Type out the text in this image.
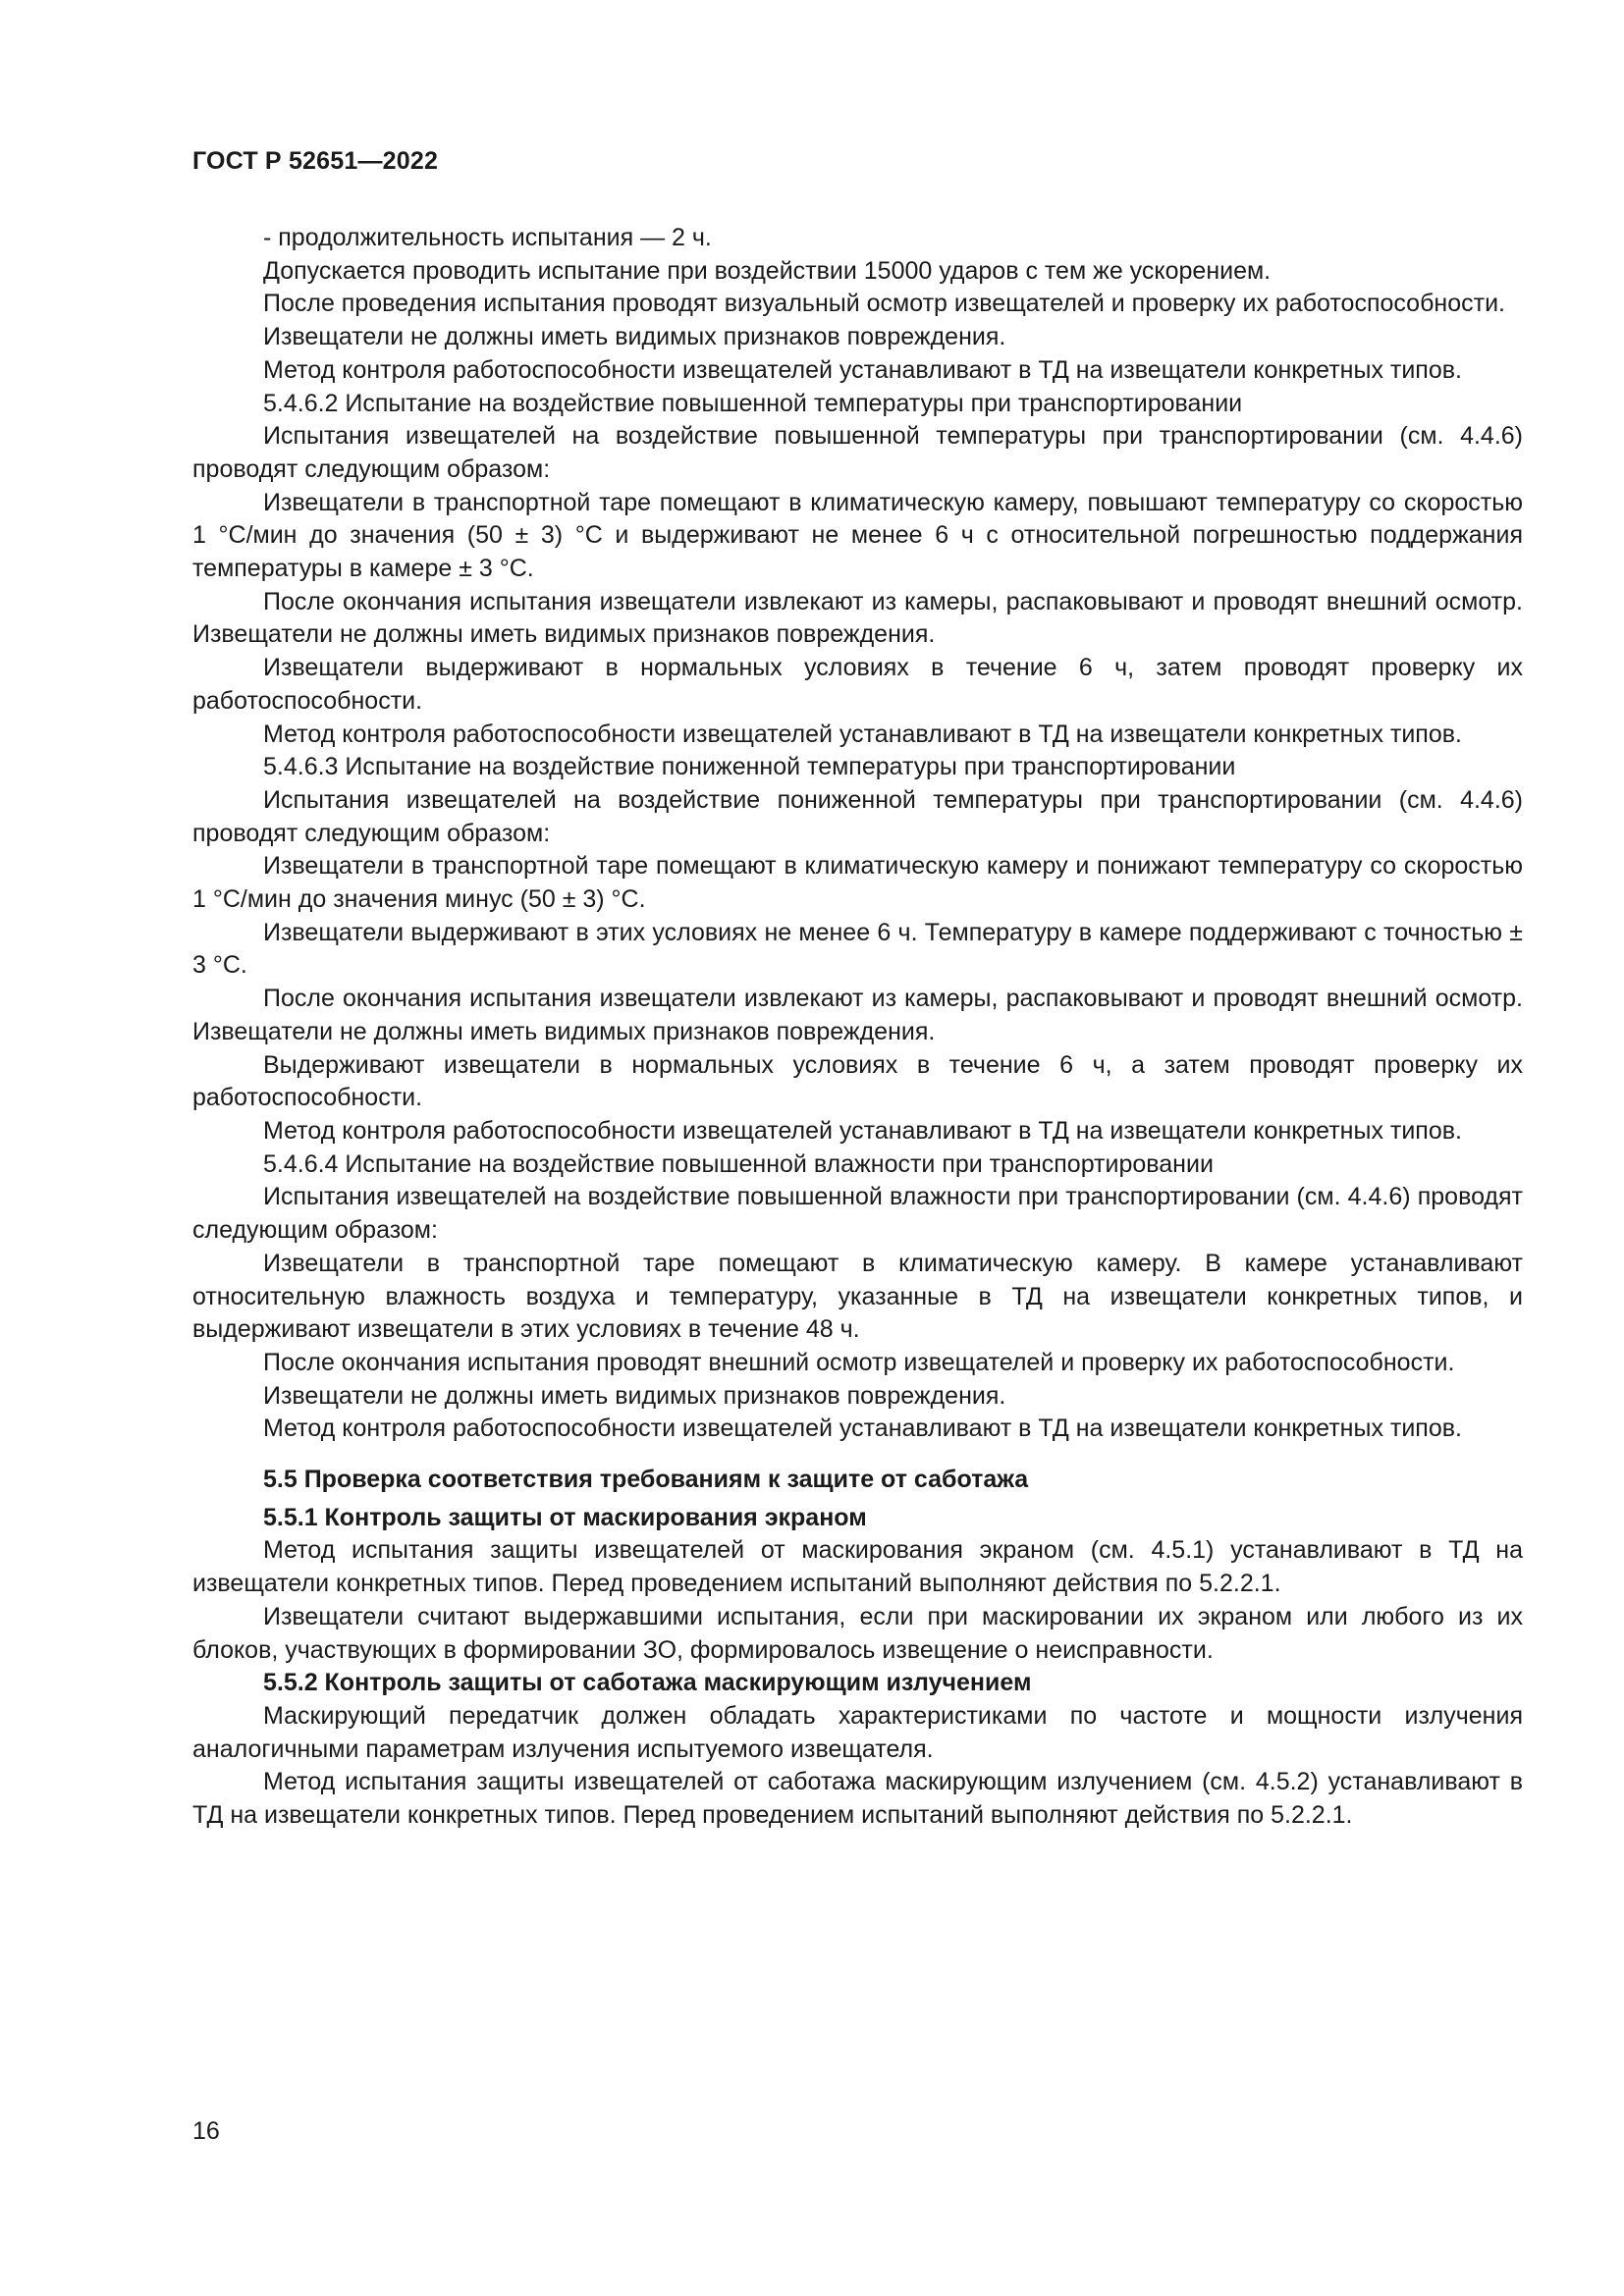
ГОСТ Р 52651—2022

- продолжительность испытания — 2 ч.

Допускается проводить испытание при воздействии 15000 ударов с тем же ускорением.

После проведения испытания проводят визуальный осмотр извещателей и проверку их работоспособности.

Извещатели не должны иметь видимых признаков повреждения.

Метод контроля работоспособности извещателей устанавливают в ТД на извещатели конкретных типов.

5.4.6.2 Испытание на воздействие повышенной температуры при транспортировании

Испытания извещателей на воздействие повышенной температуры при транспортировании (см. 4.4.6) проводят следующим образом:

Извещатели в транспортной таре помещают в климатическую камеру, повышают температуру со скоростью 1 °С/мин до значения (50 ± 3) °С и выдерживают не менее 6 ч с относительной погрешностью поддержания температуры в камере ± 3 °С.

После окончания испытания извещатели извлекают из камеры, распаковывают и проводят внешний осмотр. Извещатели не должны иметь видимых признаков повреждения.

Извещатели выдерживают в нормальных условиях в течение 6 ч, затем проводят проверку их работоспособности.

Метод контроля работоспособности извещателей устанавливают в ТД на извещатели конкретных типов.

5.4.6.3 Испытание на воздействие пониженной температуры при транспортировании

Испытания извещателей на воздействие пониженной температуры при транспортировании (см. 4.4.6) проводят следующим образом:

Извещатели в транспортной таре помещают в климатическую камеру и понижают температуру со скоростью 1 °С/мин до значения минус (50 ± 3) °С.

Извещатели выдерживают в этих условиях не менее 6 ч. Температуру в камере поддерживают с точностью ± 3 °С.

После окончания испытания извещатели извлекают из камеры, распаковывают и проводят внешний осмотр. Извещатели не должны иметь видимых признаков повреждения.

Выдерживают извещатели в нормальных условиях в течение 6 ч, а затем проводят проверку их работоспособности.

Метод контроля работоспособности извещателей устанавливают в ТД на извещатели конкретных типов.

5.4.6.4 Испытание на воздействие повышенной влажности при транспортировании

Испытания извещателей на воздействие повышенной влажности при транспортировании (см. 4.4.6) проводят следующим образом:

Извещатели в транспортной таре помещают в климатическую камеру. В камере устанавливают относительную влажность воздуха и температуру, указанные в ТД на извещатели конкретных типов, и выдерживают извещатели в этих условиях в течение 48 ч.

После окончания испытания проводят внешний осмотр извещателей и проверку их работоспособности.

Извещатели не должны иметь видимых признаков повреждения.

Метод контроля работоспособности извещателей устанавливают в ТД на извещатели конкретных типов.

5.5 Проверка соответствия требованиям к защите от саботажа
5.5.1 Контроль защиты от маскирования экраном

Метод испытания защиты извещателей от маскирования экраном (см. 4.5.1) устанавливают в ТД на извещатели конкретных типов. Перед проведением испытаний выполняют действия по 5.2.2.1.

Извещатели считают выдержавшими испытания, если при маскировании их экраном или любого из их блоков, участвующих в формировании ЗО, формировалось извещение о неисправности.

5.5.2 Контроль защиты от саботажа маскирующим излучением

Маскирующий передатчик должен обладать характеристиками по частоте и мощности излучения аналогичными параметрам излучения испытуемого извещателя.

Метод испытания защиты извещателей от саботажа маскирующим излучением (см. 4.5.2) устанавливают в ТД на извещатели конкретных типов. Перед проведением испытаний выполняют действия по 5.2.2.1.

16
